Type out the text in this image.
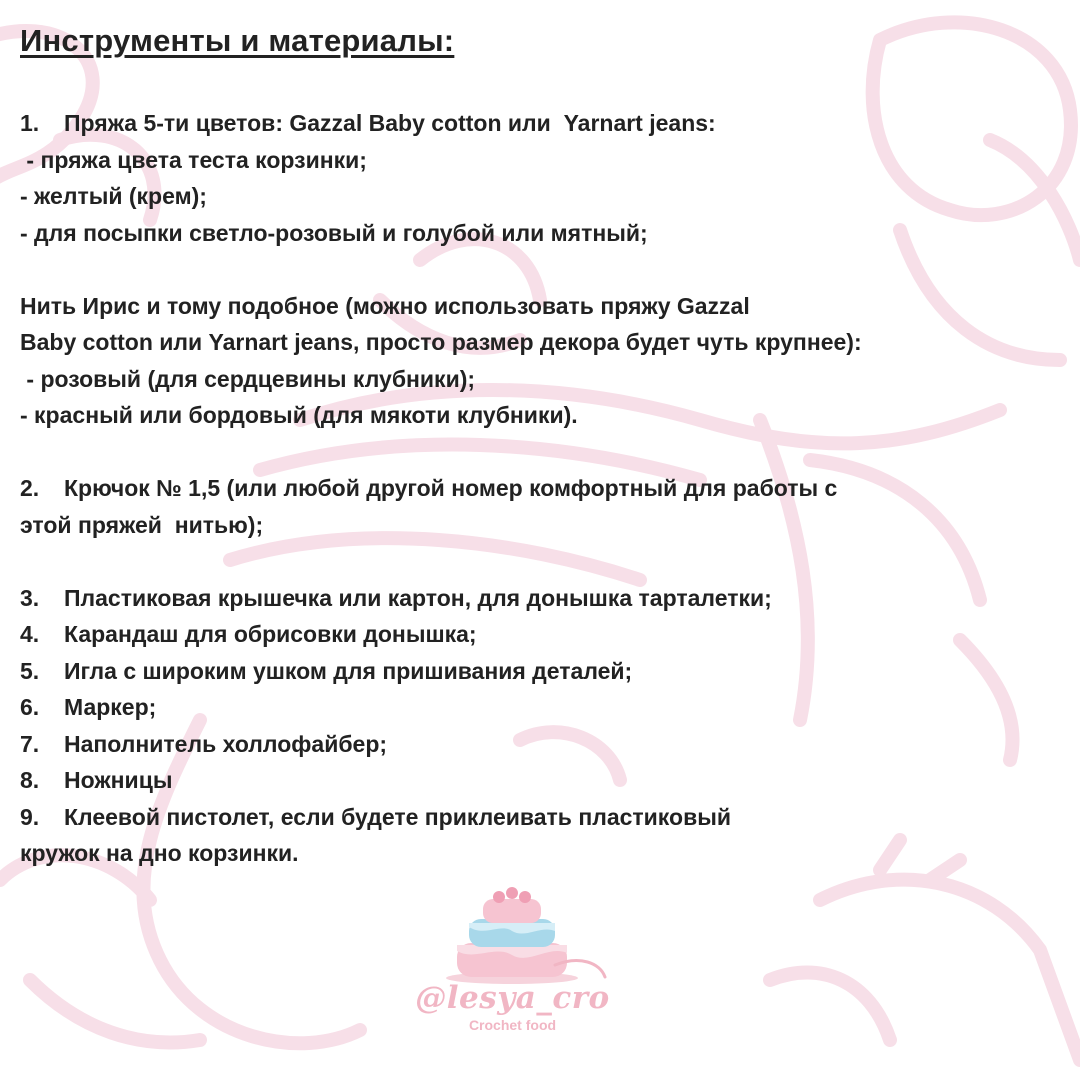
Инструменты и материалы:
1. Пряжа 5-ти цветов: Gazzal Baby cotton или  Yarnart jeans:
- пряжа цвета теста корзинки;
- желтый (крем);
- для посыпки светло-розовый и голубой или мятный;
Нить Ирис и тому подобное (можно использовать пряжу Gazzal
Baby cotton или Yarnart jeans, просто размер декора будет чуть крупнее):
- розовый (для сердцевины клубники);
- красный или бордовый (для мякоти клубники).
2. Крючок № 1,5 (или любой другой номер комфортный для работы с
этой пряжей  нитью);
3. Пластиковая крышечка или картон, для донышка тарталетки;
4. Карандаш для обрисовки донышка;
5. Игла с широким ушком для пришивания деталей;
6. Маркер;
7. Наполнитель холлофайбер;
8. Ножницы
9. Клеевой пистолет, если будете приклеивать пластиковый
кружок на дно корзинки.
@lesya_cro
Crochet food
